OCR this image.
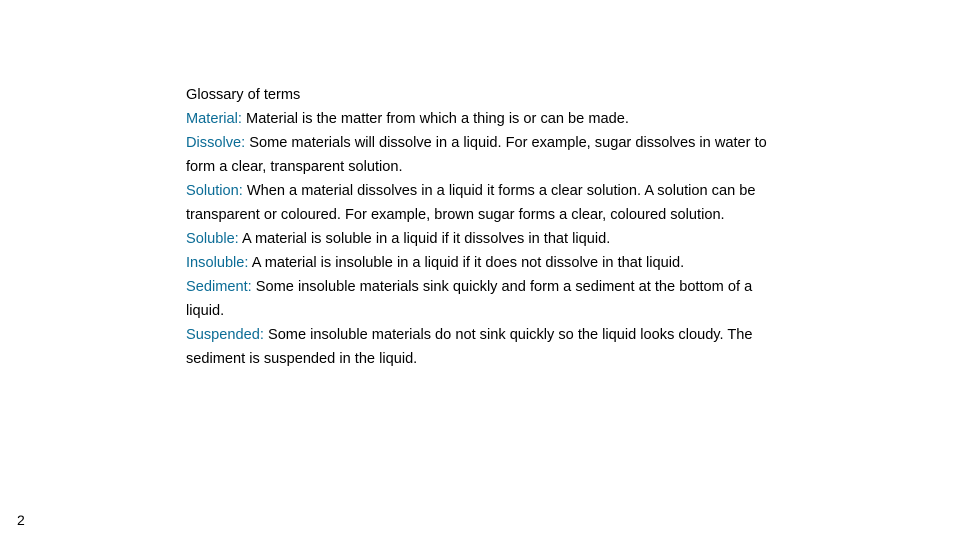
Glossary of terms
Material: Material is the matter from which a thing is or can be made.
Dissolve: Some materials will dissolve in a liquid. For example, sugar dissolves in water to form a clear, transparent solution.
Solution: When a material dissolves in a liquid it forms a clear solution. A solution can be transparent or coloured. For example, brown sugar forms a clear, coloured solution.
Soluble: A material is soluble in a liquid if it dissolves in that liquid.
Insoluble: A material is insoluble in a liquid if it does not dissolve in that liquid.
Sediment: Some insoluble materials sink quickly and form a sediment at the bottom of a liquid.
Suspended: Some insoluble materials do not sink quickly so the liquid looks cloudy. The sediment is suspended in the liquid.
2
